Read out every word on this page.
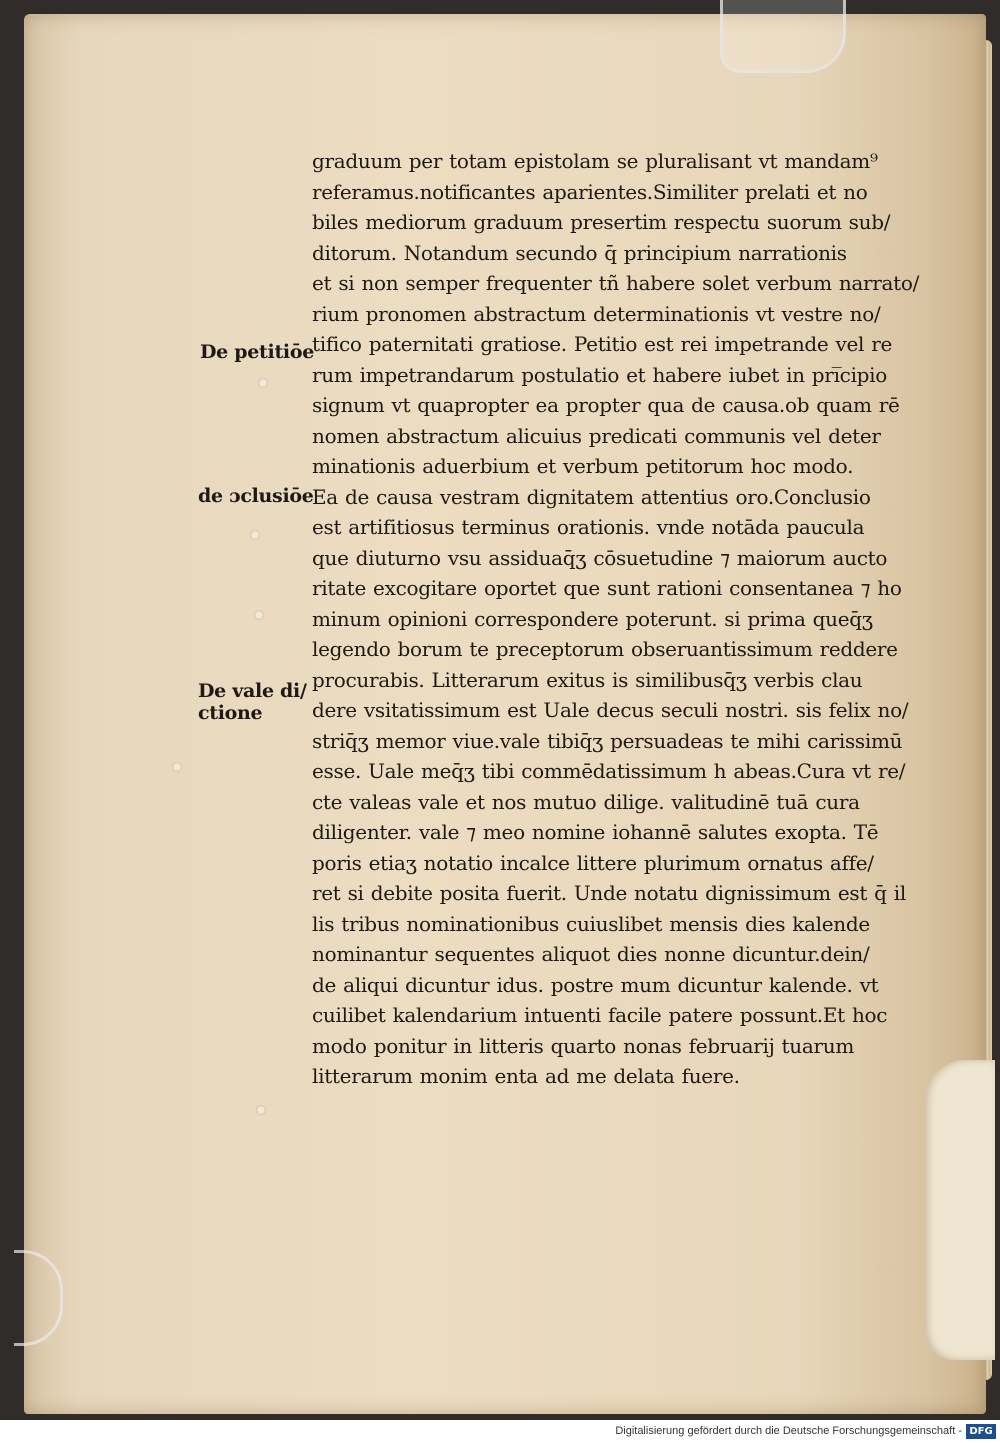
De petitiōe
de ɔclusiōe
De vale di/
ctione
graduum per totam epistolam se pluralisant vt mandam⁹
referamus.notificantes aparientes.Similiter prelati et no
biles mediorum graduum presertim respectu suorum sub/
ditorum. Notandum secundo q̄ principium narrationis
et si non semper frequenter tñ habere solet verbum narrato/
rium pronomen abstractum determinationis vt vestre no/
tifico paternitati gratiose. Petitio est rei impetrande vel re
rum impetrandarum postulatio et habere iubet in pri̅cipio
signum vt quapropter ea propter qua de causa.ob quam rē
nomen abstractum alicuius predicati communis vel deter
minationis aduerbium et verbum petitorum hoc modo.
Ea de causa vestram dignitatem attentius oro.Conclusio
est artifitiosus terminus orationis. vnde notāda paucula
que diuturno vsu assiduaq̄ʒ cōsuetudine ⁊ maiorum aucto
ritate excogitare oportet que sunt rationi consentanea ⁊ ho
minum opinioni correspondere poterunt. si prima queq̄ʒ
legendo borum te preceptorum obseruantissimum reddere
procurabis. Litterarum exitus is similibusq̄ʒ verbis clau
dere vsitatissimum est Uale decus seculi nostri. sis felix no/
striq̄ʒ memor viue.vale tibiq̄ʒ persuadeas te mihi carissimū
esse. Uale meq̄ʒ tibi commēdatissimum h abeas.Cura vt re/
cte valeas vale et nos mutuo dilige. valitudinē tuā cura
diligenter. vale ⁊ meo nomine iohannē salutes exopta. Tē
poris etiaʒ notatio incalce littere plurimum ornatus affe/
ret si debite posita fuerit. Unde notatu dignissimum est q̄ il
lis tribus nominationibus cuiuslibet mensis dies kalende
nominantur sequentes aliquot dies nonne dicuntur.dein/
de aliqui dicuntur idus. postre mum dicuntur kalende. vt
cuilibet kalendarium intuenti facile patere possunt.Et hoc
modo ponitur in litteris quarto nonas februarij tuarum
litterarum monim enta ad me delata fuere.
Digitalisierung gefördert durch die Deutsche Forschungsgemeinschaft - DFG
